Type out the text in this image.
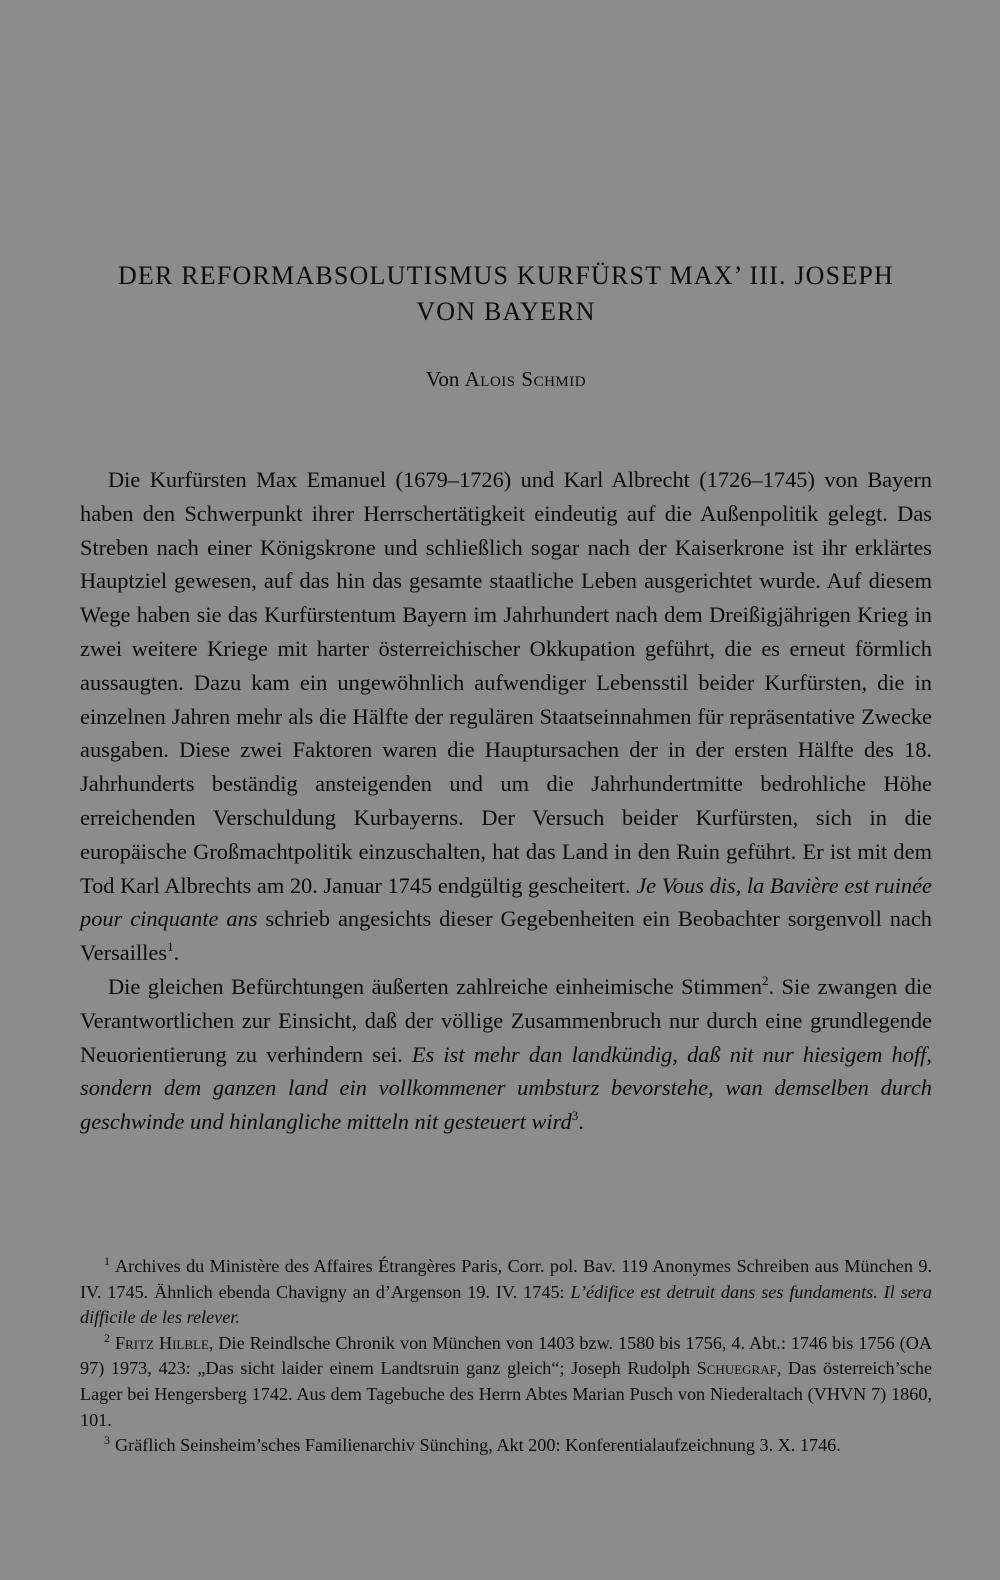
DER REFORMABSOLUTISMUS KURFÜRST MAX’ III. JOSEPH
VON BAYERN
Von Alois Schmid

Die Kurfürsten Max Emanuel (1679–1726) und Karl Albrecht (1726–1745) von Bayern haben den Schwerpunkt ihrer Herrschertätigkeit eindeutig auf die Außenpolitik gelegt. Das Streben nach einer Königskrone und schließlich sogar nach der Kaiserkrone ist ihr erklärtes Hauptziel gewesen, auf das hin das gesamte staatliche Leben ausgerichtet wurde. Auf diesem Wege haben sie das Kurfürstentum Bayern im Jahrhundert nach dem Dreißigjährigen Krieg in zwei weitere Kriege mit harter österreichischer Okkupation geführt, die es erneut förmlich aussaugten. Dazu kam ein ungewöhnlich aufwendiger Lebensstil beider Kurfürsten, die in einzelnen Jahren mehr als die Hälfte der regulären Staatseinnahmen für repräsentative Zwecke ausgaben. Diese zwei Faktoren waren die Hauptursachen der in der ersten Hälfte des 18. Jahrhunderts beständig ansteigenden und um die Jahrhundertmitte bedrohliche Höhe erreichenden Verschuldung Kurbayerns. Der Versuch beider Kurfürsten, sich in die europäische Großmachtpolitik einzuschalten, hat das Land in den Ruin geführt. Er ist mit dem Tod Karl Albrechts am 20. Januar 1745 endgültig gescheitert. Je Vous dis, la Bavière est ruinée pour cinquante ans schrieb angesichts dieser Gegebenheiten ein Beobachter sorgenvoll nach Versailles$^1$.

Die gleichen Befürchtungen äußerten zahlreiche einheimische Stimmen$^2$. Sie zwangen die Verantwortlichen zur Einsicht, daß der völlige Zusammenbruch nur durch eine grundlegende Neuorientierung zu verhindern sei. Es ist mehr dan landkündig, daß nit nur hiesigem hoff, sondern dem ganzen land ein vollkommener umbsturz bevorstehe, wan demselben durch geschwinde und hinlangliche mitteln nit gesteuert wird$^3$.

$^1$ Archives du Ministère des Affaires Étrangères Paris, Corr. pol. Bav. 119 Anonymes Schreiben aus München 9. IV. 1745. Ähnlich ebenda Chavigny an d’Argenson 19. IV. 1745: L’édifice est detruit dans ses fundaments. Il sera difficile de les relever.

$^2$ Fritz Hilble, Die Reindlsche Chronik von München von 1403 bzw. 1580 bis 1756, 4. Abt.: 1746 bis 1756 (OA 97) 1973, 423: „Das sicht laider einem Landtsruin ganz gleich“; Joseph Rudolph Schuegraf, Das österreich’sche Lager bei Hengersberg 1742. Aus dem Tagebuche des Herrn Abtes Marian Pusch von Niederaltach (VHVN 7) 1860, 101.

$^3$ Gräflich Seinsheim’sches Familienarchiv Sünching, Akt 200: Konferentialaufzeichnung 3. X. 1746.
